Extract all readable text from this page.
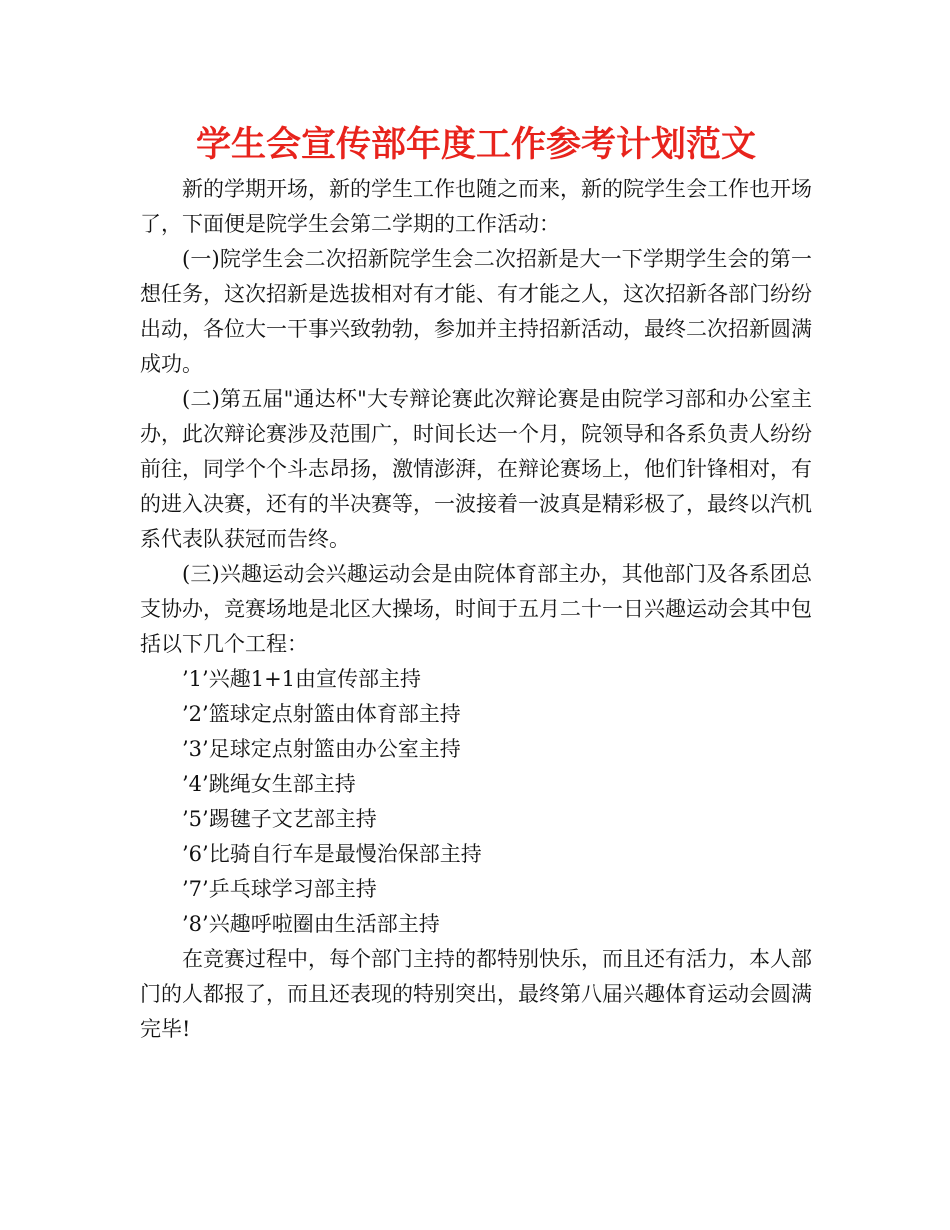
学生会宣传部年度工作参考计划范文

新的学期开场，新的学生工作也随之而来，新的院学生会工作也开场了，下面便是院学生会第二学期的工作活动：

(一)院学生会二次招新院学生会二次招新是大一下学期学生会的第一想任务，这次招新是选拔相对有才能、有才能之人，这次招新各部门纷纷出动，各位大一干事兴致勃勃，参加并主持招新活动，最终二次招新圆满成功。

(二)第五届"通达杯"大专辩论赛此次辩论赛是由院学习部和办公室主办，此次辩论赛涉及范围广，时间长达一个月，院领导和各系负责人纷纷前往，同学个个斗志昂扬，激情澎湃，在辩论赛场上，他们针锋相对，有的进入决赛，还有的半决赛等，一波接着一波真是精彩极了，最终以汽机系代表队获冠而告终。

(三)兴趣运动会兴趣运动会是由院体育部主办，其他部门及各系团总支协办，竞赛场地是北区大操场，时间于五月二十一日兴趣运动会其中包括以下几个工程：

’1’兴趣1+1由宣传部主持

’2’篮球定点射篮由体育部主持

’3’足球定点射篮由办公室主持

’4’跳绳女生部主持

’5’踢毽子文艺部主持

’6’比骑自行车是最慢治保部主持

’7’乒乓球学习部主持

’8’兴趣呼啦圈由生活部主持

在竞赛过程中，每个部门主持的都特别快乐，而且还有活力，本人部门的人都报了，而且还表现的特别突出，最终第八届兴趣体育运动会圆满完毕!
